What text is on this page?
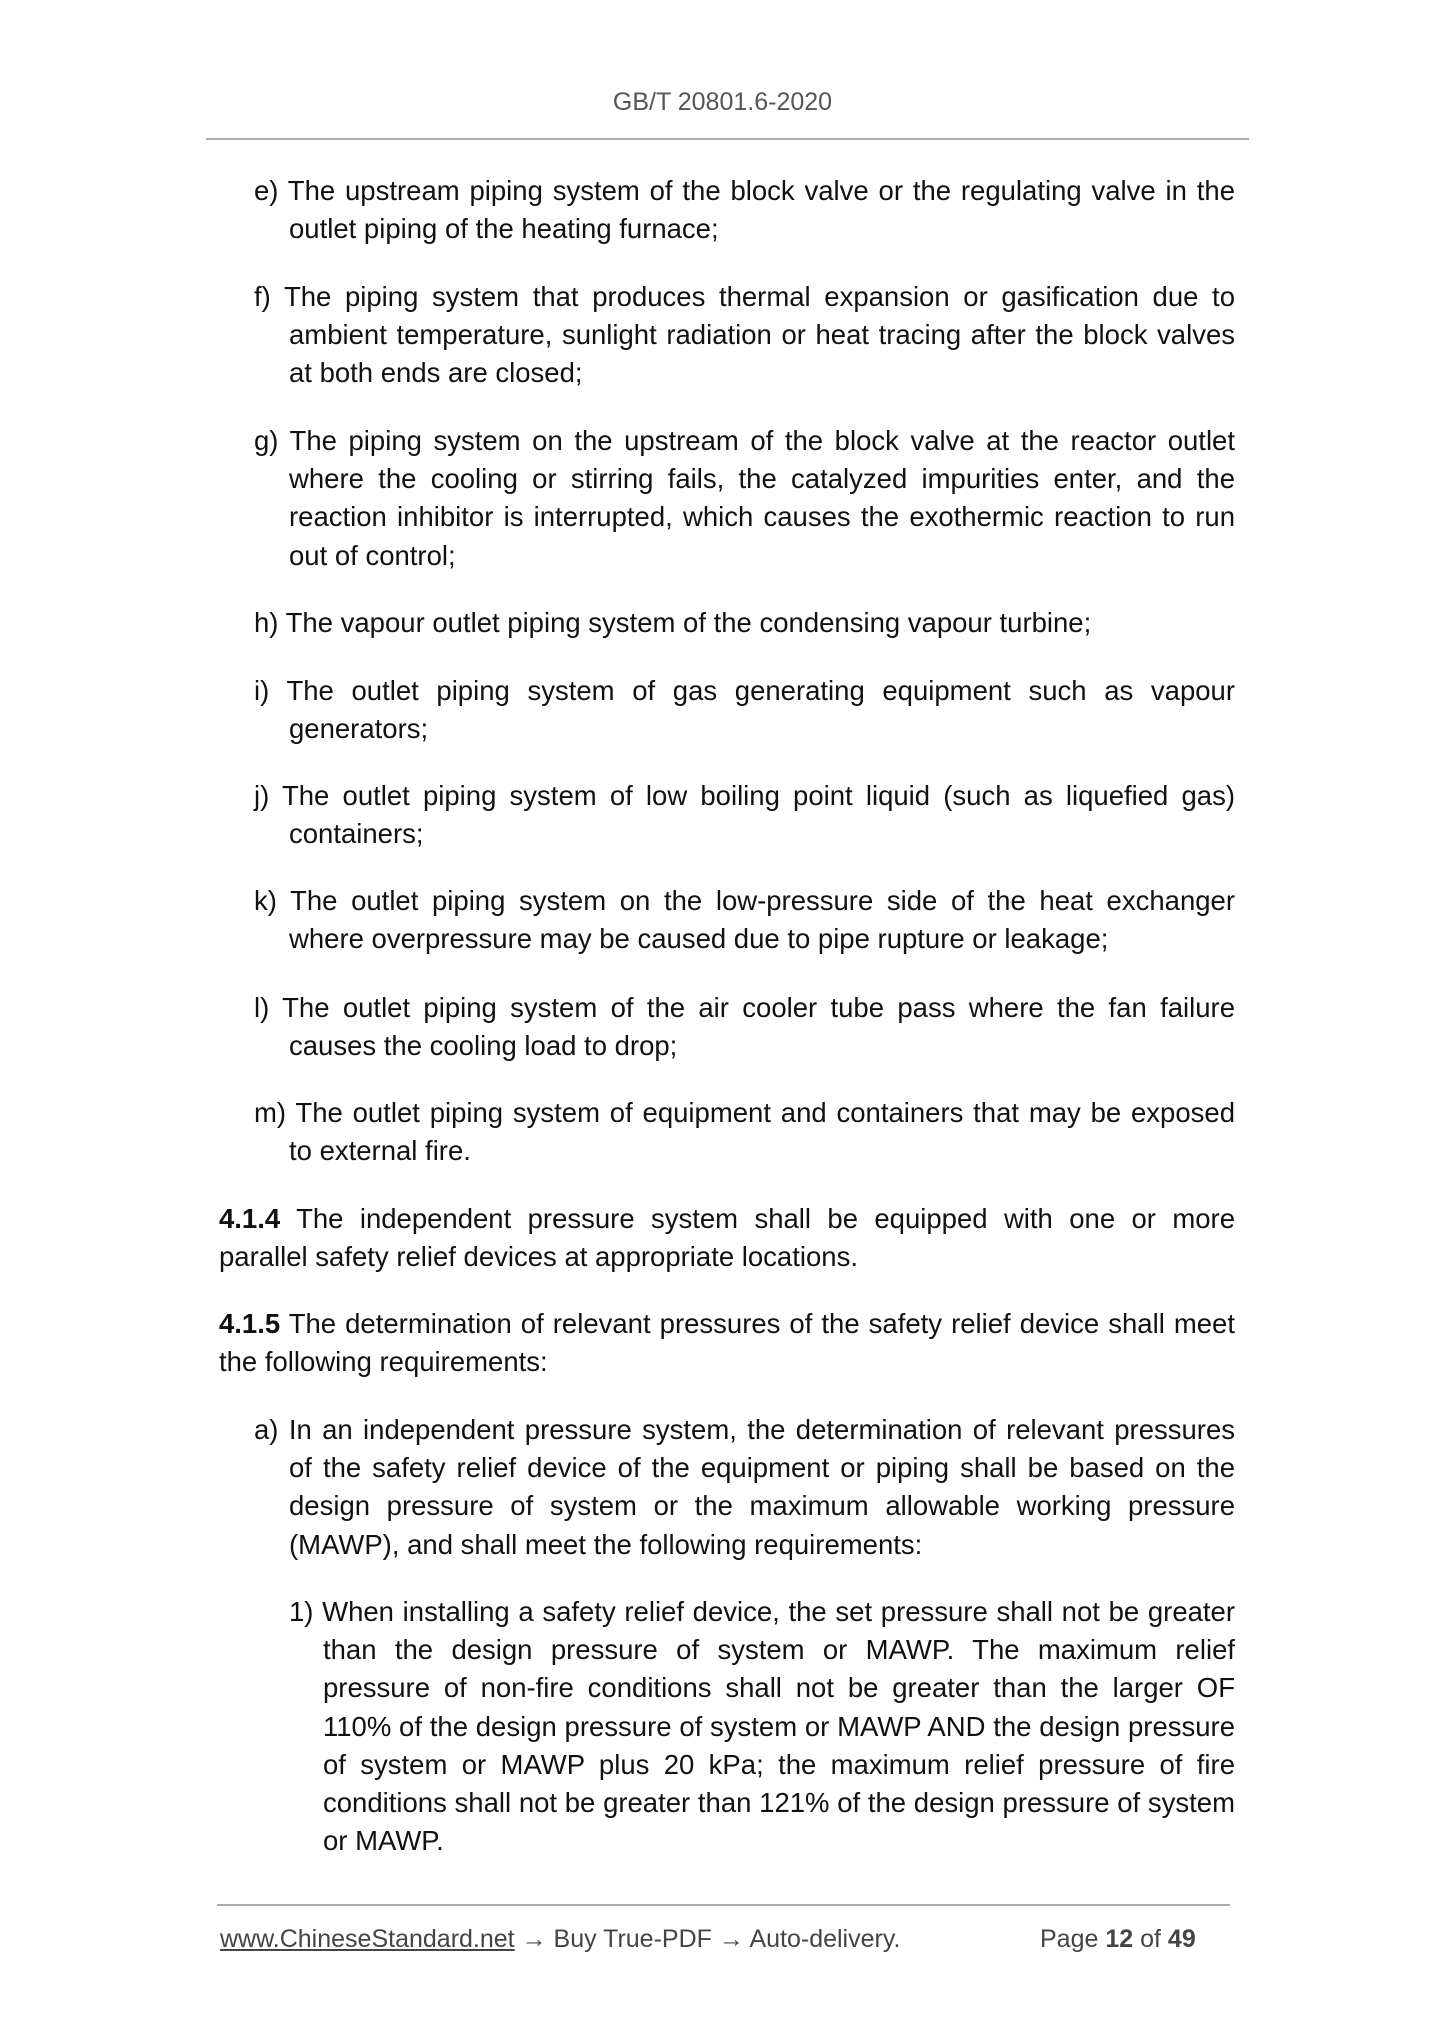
GB/T 20801.6-2020
e) The upstream piping system of the block valve or the regulating valve in the outlet piping of the heating furnace;
f) The piping system that produces thermal expansion or gasification due to ambient temperature, sunlight radiation or heat tracing after the block valves at both ends are closed;
g) The piping system on the upstream of the block valve at the reactor outlet where the cooling or stirring fails, the catalyzed impurities enter, and the reaction inhibitor is interrupted, which causes the exothermic reaction to run out of control;
h) The vapour outlet piping system of the condensing vapour turbine;
i) The outlet piping system of gas generating equipment such as vapour generators;
j) The outlet piping system of low boiling point liquid (such as liquefied gas) containers;
k) The outlet piping system on the low-pressure side of the heat exchanger where overpressure may be caused due to pipe rupture or leakage;
l) The outlet piping system of the air cooler tube pass where the fan failure causes the cooling load to drop;
m) The outlet piping system of equipment and containers that may be exposed to external fire.
4.1.4 The independent pressure system shall be equipped with one or more parallel safety relief devices at appropriate locations.
4.1.5 The determination of relevant pressures of the safety relief device shall meet the following requirements:
a) In an independent pressure system, the determination of relevant pressures of the safety relief device of the equipment or piping shall be based on the design pressure of system or the maximum allowable working pressure (MAWP), and shall meet the following requirements:
1) When installing a safety relief device, the set pressure shall not be greater than the design pressure of system or MAWP. The maximum relief pressure of non-fire conditions shall not be greater than the larger OF 110% of the design pressure of system or MAWP AND the design pressure of system or MAWP plus 20 kPa; the maximum relief pressure of fire conditions shall not be greater than 121% of the design pressure of system or MAWP.
www.ChineseStandard.net → Buy True-PDF → Auto-delivery.	Page 12 of 49
